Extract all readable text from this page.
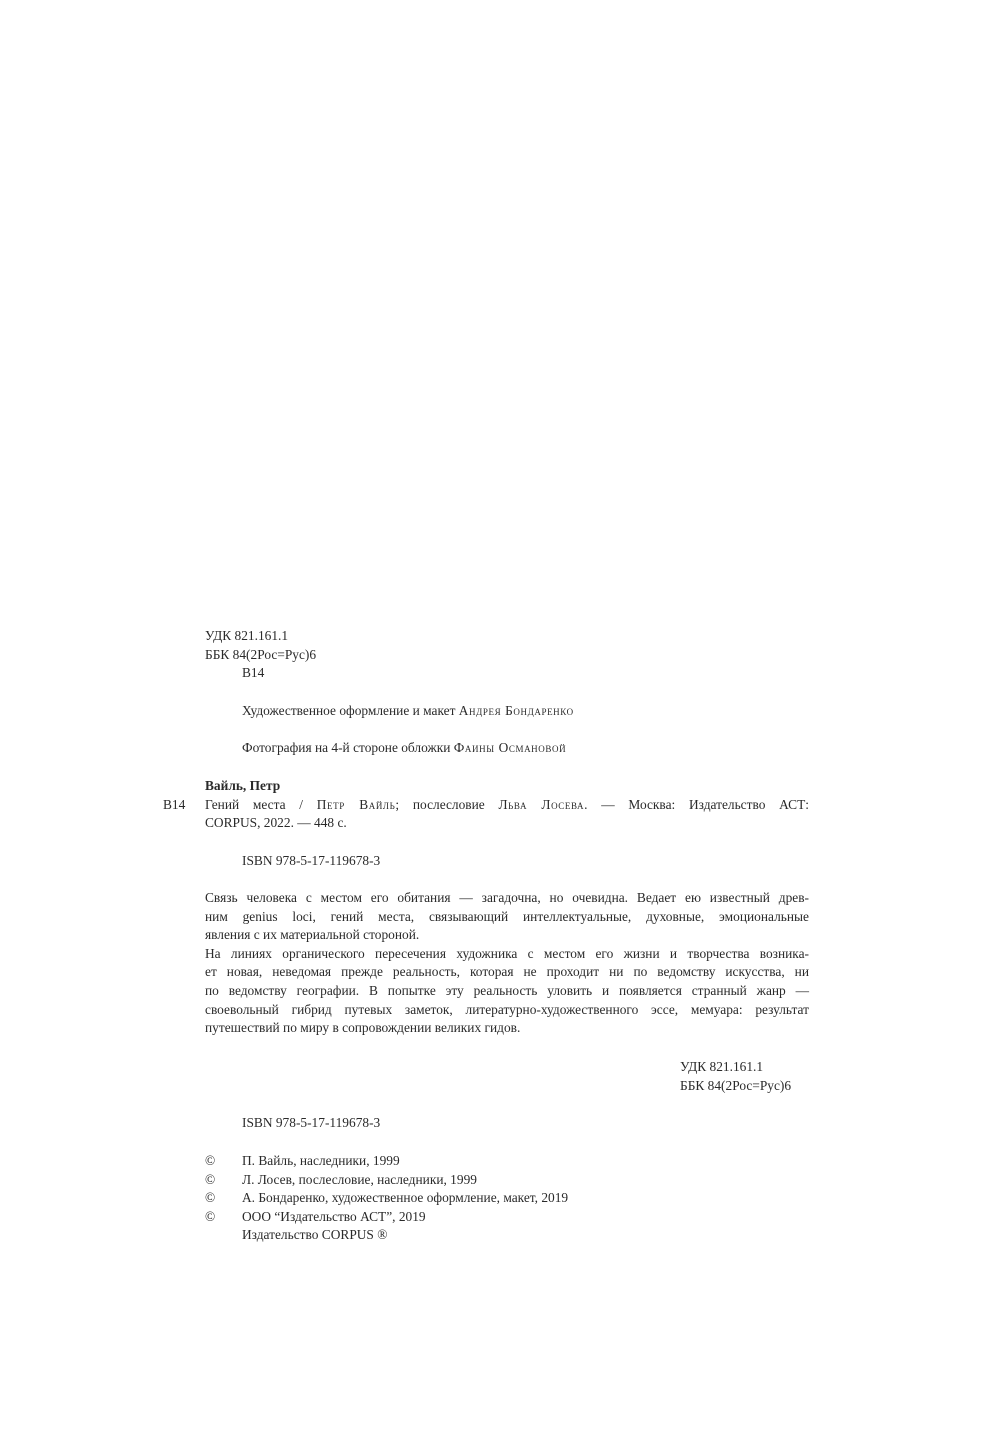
УДК 821.161.1
ББК 84(2Рос=Рус)6
В14
Художественное оформление и макет Андрея Бондаренко
Фотография на 4-й стороне обложки Фаины Османовой
В14
Вайль, Петр
Гений места / Петр Вайль; послесловие Льва Лосева. — Москва: Издательство АСТ:
CORPUS, 2022. — 448 с.
ISBN 978-5-17-119678-3
Связь человека с местом его обитания — загадочна, но очевидна. Ведает ею известный древ-
ним genius loci, гений места, связывающий интеллектуальные, духовные, эмоциональные
явления с их материальной стороной.
На линиях органического пересечения художника с местом его жизни и творчества возника-
ет новая, неведомая прежде реальность, которая не проходит ни по ведомству искусства, ни
по ведомству географии. В попытке эту реальность уловить и появляется странный жанр —
своевольный гибрид путевых заметок, литературно-художественного эссе, мемуара: результат
путешествий по миру в сопровождении великих гидов.
УДК 821.161.1
ББК 84(2Рос=Рус)6
ISBN 978-5-17-119678-3
©	П. Вайль, наследники, 1999
©	Л. Лосев, послесловие, наследники, 1999
©	А. Бондаренко, художественное оформление, макет, 2019
©	ООО “Издательство АСТ”, 2019
Издательство CORPUS ®
